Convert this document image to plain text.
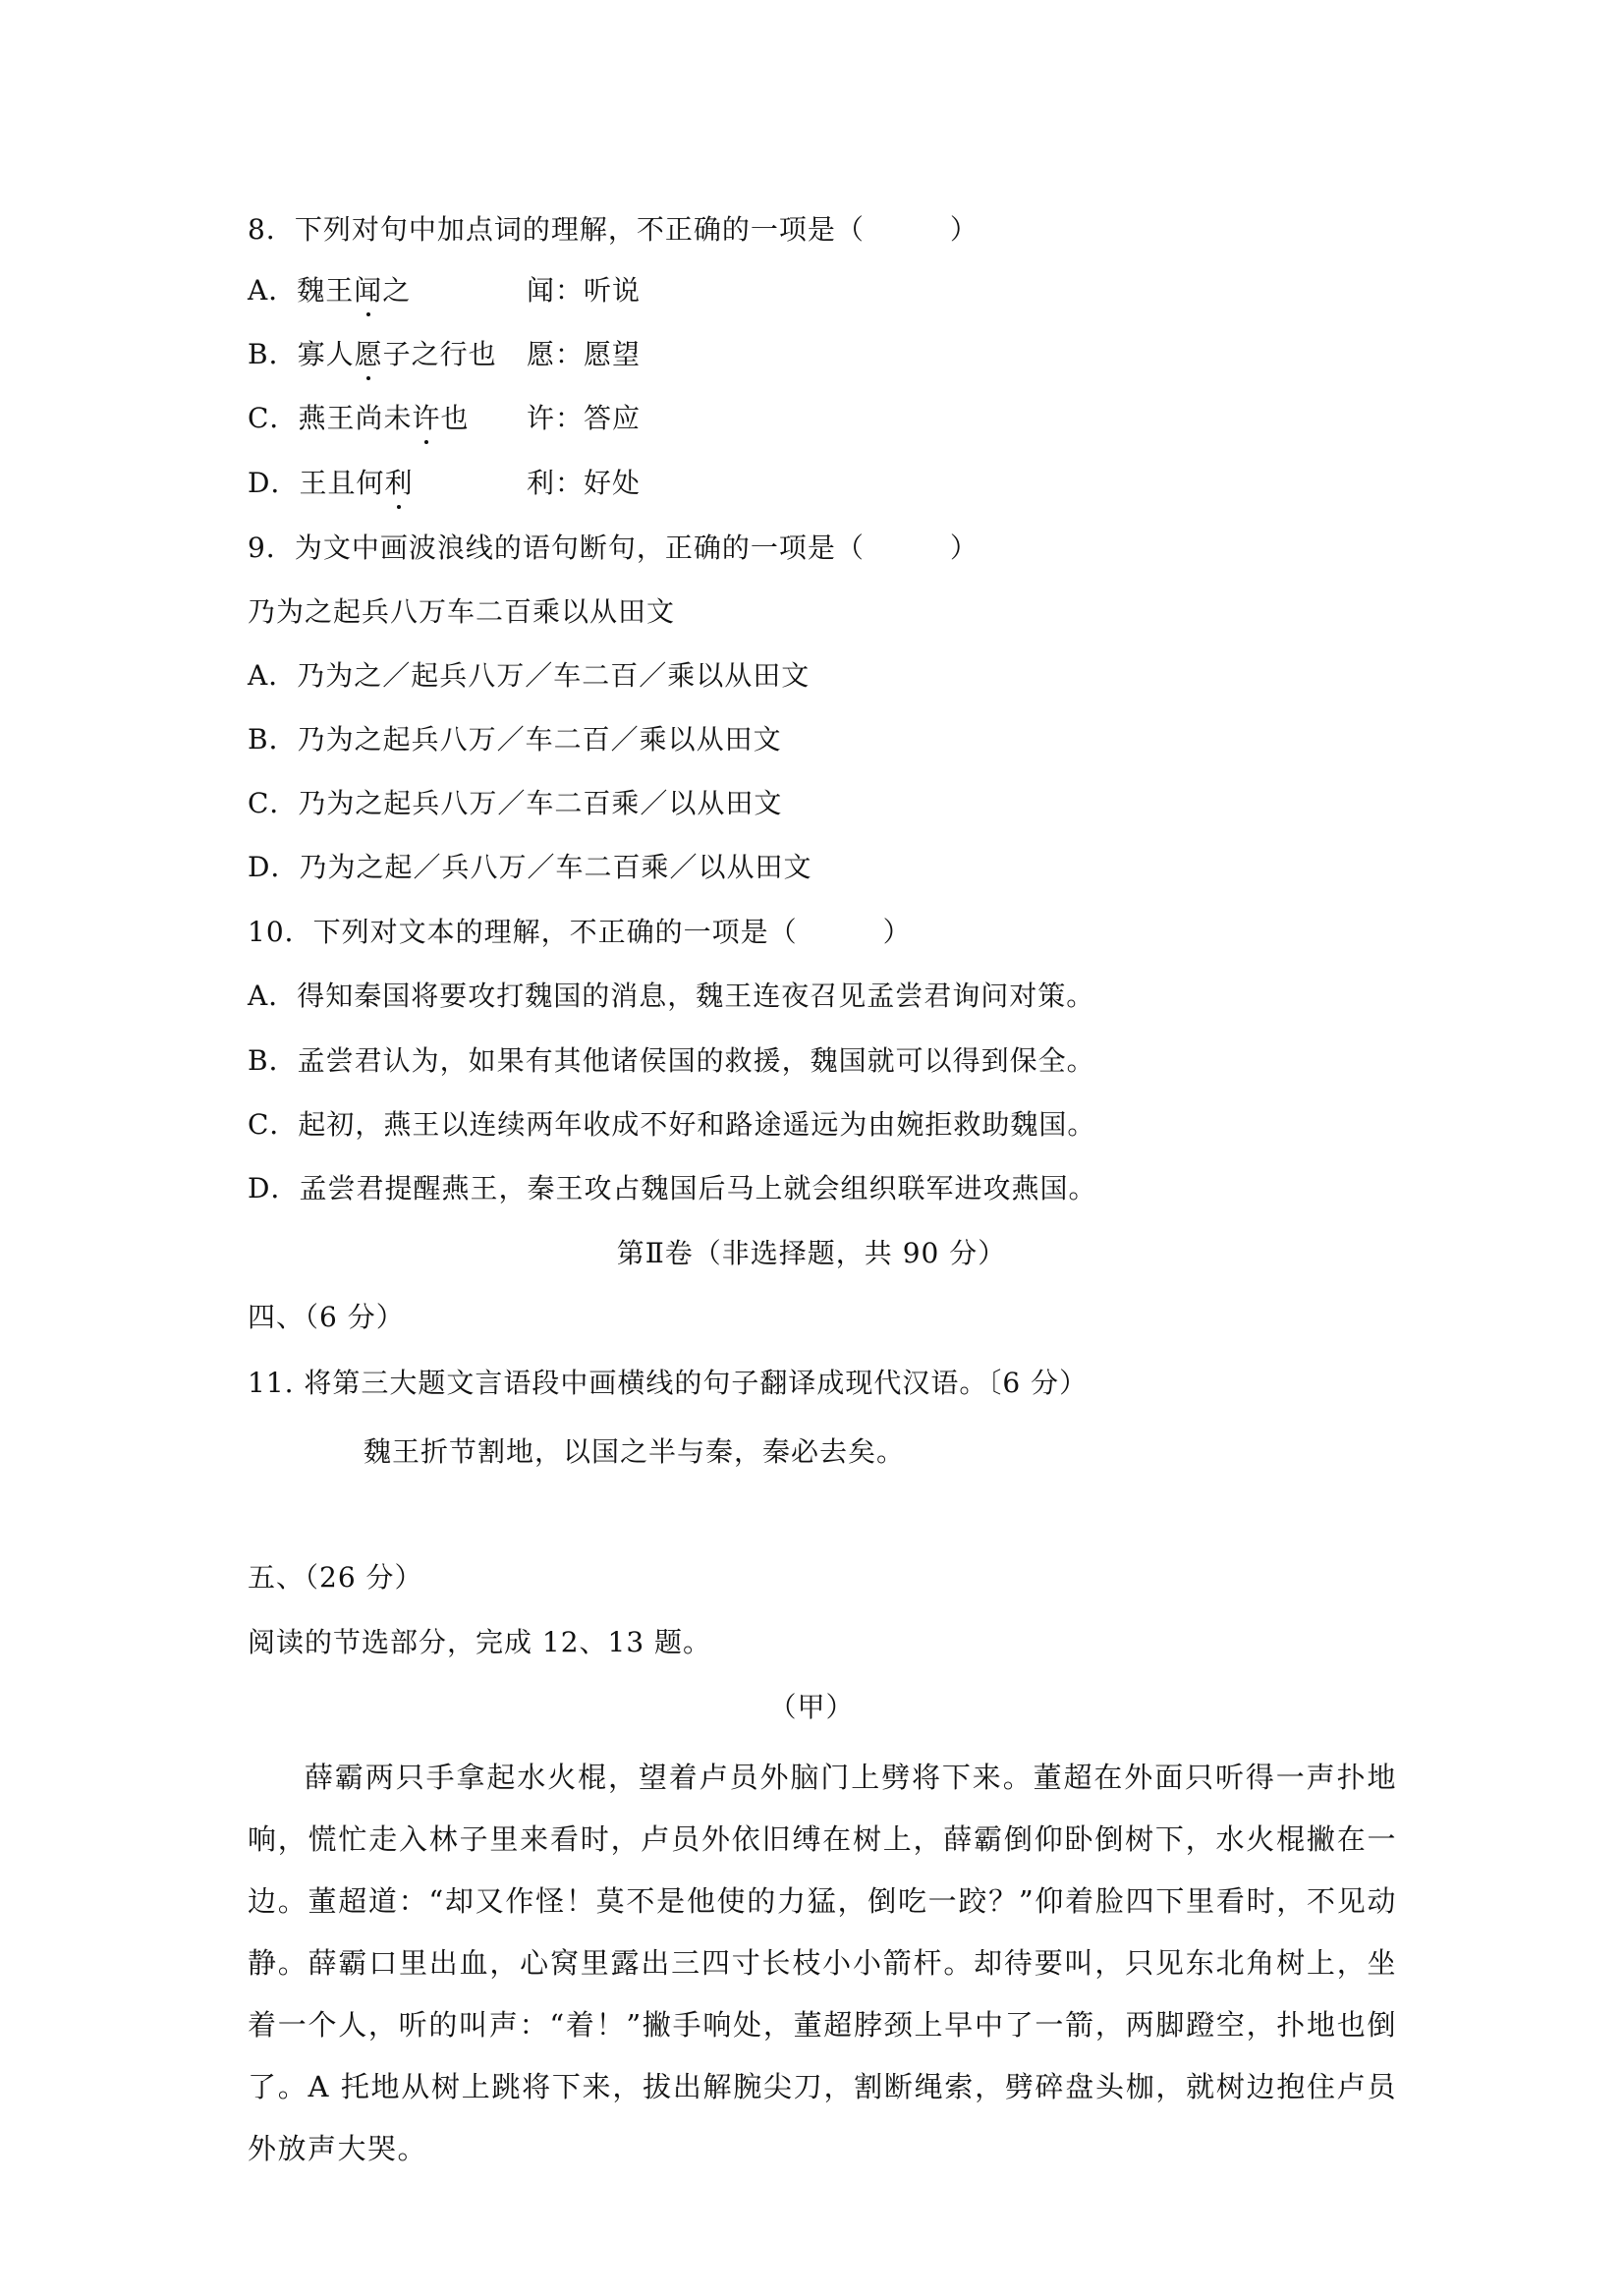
8．下列对句中加点词的理解，不正确的一项是（　　　）
A．魏王闻之	闻：听说
B．寡人愿子之行也 愿：愿望
C．燕王尚未许也 许：答应
D．王且何利	利：好处
9．为文中画波浪线的语句断句，正确的一项是（　　　）
乃为之起兵八万车二百乘以从田文
A．乃为之／起兵八万／车二百／乘以从田文
B．乃为之起兵八万／车二百／乘以从田文
C．乃为之起兵八万／车二百乘／以从田文
D．乃为之起／兵八万／车二百乘／以从田文
10．下列对文本的理解，不正确的一项是（　　　）
A．得知秦国将要攻打魏国的消息，魏王连夜召见孟尝君询问对策。
B．孟尝君认为，如果有其他诸侯国的救援，魏国就可以得到保全。
C．起初，燕王以连续两年收成不好和路途遥远为由婉拒救助魏国。
D．孟尝君提醒燕王，秦王攻占魏国后马上就会组织联军进攻燕国。
第Ⅱ卷（非选择题，共 90 分）
四、（6 分）
11. 将第三大题文言语段中画横线的句子翻译成现代汉语。〔6 分）
魏王折节割地，以国之半与秦，秦必去矣。
五、（26 分）
阅读的节选部分，完成 12、13 题。
（甲）
薛霸两只手拿起水火棍，望着卢员外脑门上劈将下来。董超在外面只听得一声扑地响，慌忙走入林子里来看时，卢员外依旧缚在树上，薛霸倒仰卧倒树下，水火棍撇在一边。董超道：“却又作怪！莫不是他使的力猛，倒吃一跤？”仰着脸四下里看时，不见动静。薛霸口里出血，心窝里露出三四寸长枝小小箭杆。却待要叫，只见东北角树上，坐着一个人，听的叫声：“着！”撇手响处，董超脖颈上早中了一箭，两脚蹬空，扑地也倒了。A 托地从树上跳将下来，拔出解腕尖刀，割断绳索，劈碎盘头枷，就树边抱住卢员外放声大哭。
